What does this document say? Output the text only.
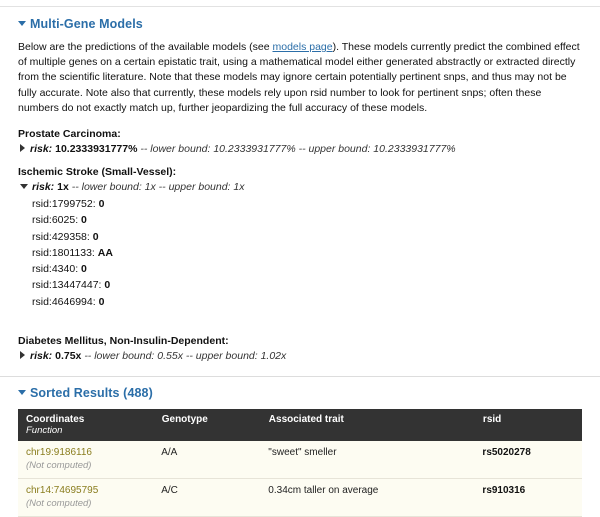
Multi-Gene Models

Below are the predictions of the available models (see models page). These models currently predict the combined effect of multiple genes on a certain epistatic trait, using a mathematical model either generated abstractly or extracted directly from the scientific literature. Note that these models may ignore certain potentially pertinent snps, and thus may not be fully accurate. Note also that currently, these models rely upon rsid number to look for pertinent snps; often these numbers do not exactly match up, further jeopardizing the full accuracy of these models.

Prostate Carcinoma:
risk: 10.2333931777% -- lower bound: 10.2333931777% -- upper bound: 10.2333931777%
Ischemic Stroke (Small-Vessel):
risk: 1x -- lower bound: 1x -- upper bound: 1x
rsid:1799752: 0
rsid:6025: 0
rsid:429358: 0
rsid:1801133: AA
rsid:4340: 0
rsid:13447447: 0
rsid:4646994: 0
Diabetes Mellitus, Non-Insulin-Dependent:
risk: 0.75x -- lower bound: 0.55x -- upper bound: 1.02x
Sorted Results (488)
Coordinates
Function	Genotype	Associated trait	rsid

chr19:9186116
(Not computed)	A/A	"sweet" smeller	rs5020278

chr14:74695795
(Not computed)	A/C	0.34cm taller on average	rs910316
